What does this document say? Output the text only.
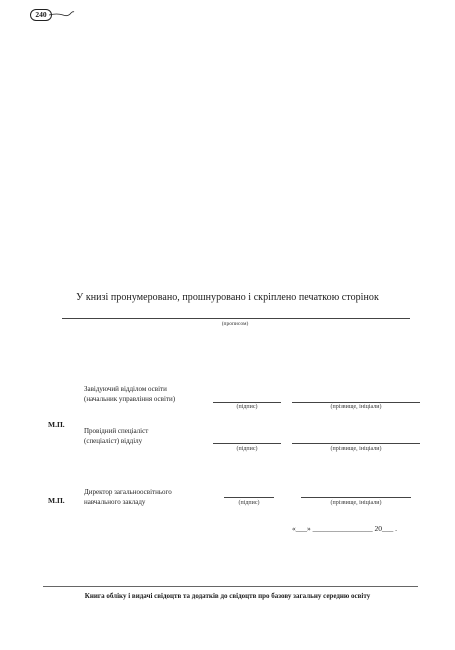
240
У книзі пронумеровано, прошнуровано і скріплено печаткою сторінок
(прописом)
Завідуючий відділом освіти
(начальник управління освіти)
(підпис)	(прізвище, ініціали)
М.П.
Провідний спеціаліст
(спеціаліст) відділу
(підпис)	(прізвище, ініціали)
М.П.
Директор загальноосвітнього
навчального закладу	(підпис)	(прізвище, ініціали)
«___» ________________ 20___ .
Книга обліку і видачі свідоцтв та додатків до свідоцтв про базову загальну середню освіту
